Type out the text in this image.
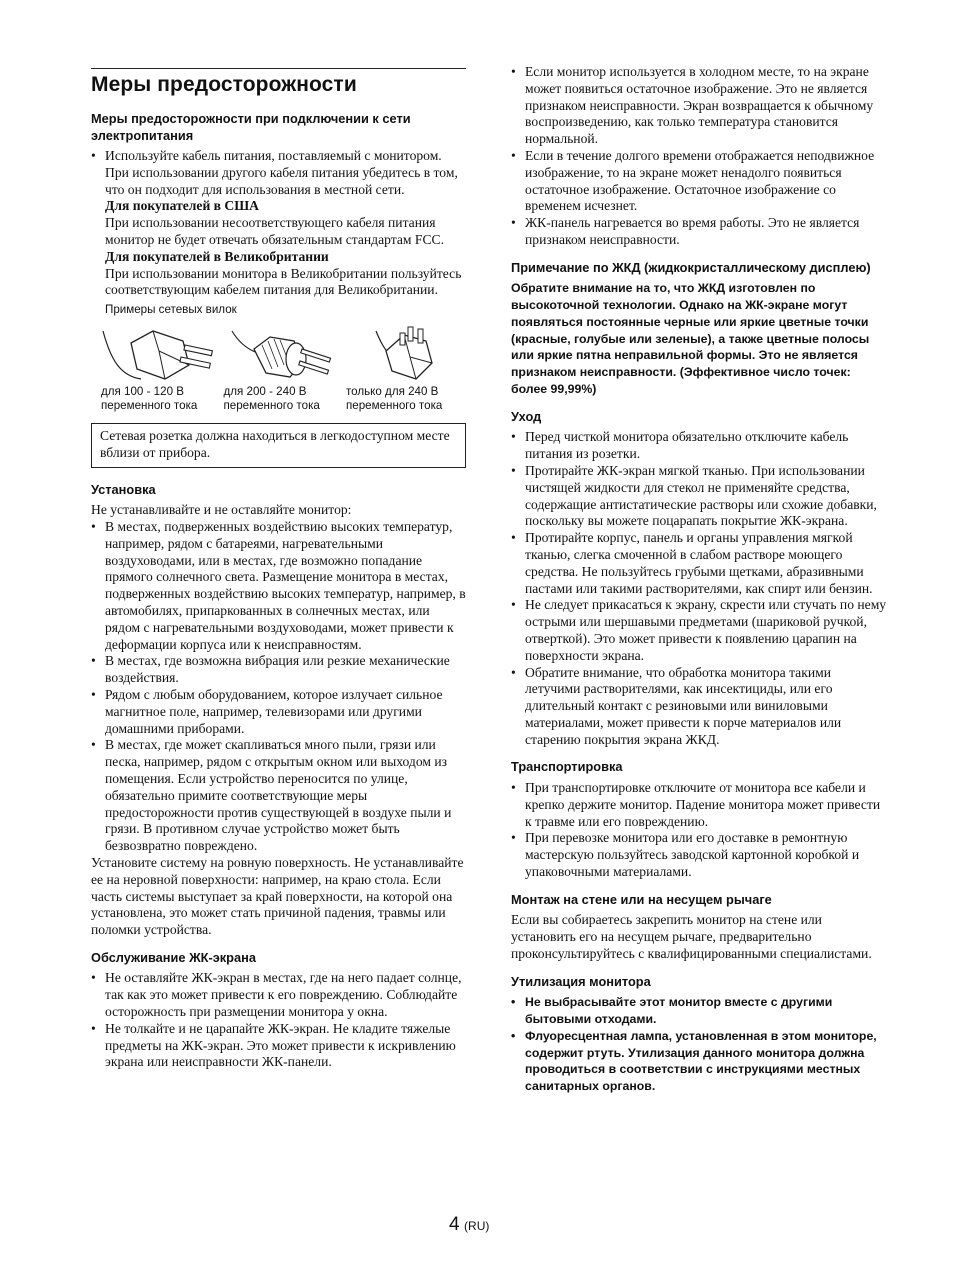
Меры предосторожности
Меры предосторожности при подключении к сети электропитания
• Используйте кабель питания, поставляемый с монитором. При использовании другого кабеля питания убедитесь в том, что он подходит для использования в местной сети.
Для покупателей в США
При использовании несоответствующего кабеля питания монитор не будет отвечать обязательным стандартам FCC.
Для покупателей в Великобритании
При использовании монитора в Великобритании пользуйтесь соответствующим кабелем питания для Великобритании.
Примеры сетевых вилок
для 100 - 120 В
переменного тока
для 200 - 240 В
переменного тока
только для 240 В
переменного тока
Сетевая розетка должна находиться в легкодоступном месте вблизи от прибора.
Установка
Не устанавливайте и не оставляйте монитор:
• В местах, подверженных воздействию высоких температур, например, рядом с батареями, нагревательными воздуховодами, или в местах, где возможно попадание прямого солнечного света. Размещение монитора в местах, подверженных воздействию высоких температур, например, в автомобилях, припаркованных в солнечных местах, или рядом с нагревательными воздуховодами, может привести к деформации корпуса или к неисправностям.
• В местах, где возможна вибрация или резкие механические воздействия.
• Рядом с любым оборудованием, которое излучает сильное магнитное поле, например, телевизорами или другими домашними приборами.
• В местах, где может скапливаться много пыли, грязи или песка, например, рядом с открытым окном или выходом из помещения. Если устройство переносится по улице, обязательно примите соответствующие меры предосторожности против существующей в воздухе пыли и грязи. В противном случае устройство может быть безвозвратно повреждено.
Установите систему на ровную поверхность. Не устанавливайте ее на неровной поверхности: например, на краю стола. Если часть системы выступает за край поверхности, на которой она установлена, это может стать причиной падения, травмы или поломки устройства.
Обслуживание ЖК-экрана
• Не оставляйте ЖК-экран в местах, где на него падает солнце, так как это может привести к его повреждению. Соблюдайте осторожность при размещении монитора у окна.
• Не толкайте и не царапайте ЖК-экран. Не кладите тяжелые предметы на ЖК-экран. Это может привести к искривлению экрана или неисправности ЖК-панели.
• Если монитор используется в холодном месте, то на экране может появиться остаточное изображение. Это не является признаком неисправности. Экран возвращается к обычному воспроизведению, как только температура становится нормальной.
• Если в течение долгого времени отображается неподвижное изображение, то на экране может ненадолго появиться остаточное изображение. Остаточное изображение со временем исчезнет.
• ЖК-панель нагревается во время работы. Это не является признаком неисправности.
Примечание по ЖКД (жидкокристаллическому дисплею)
Обратите внимание на то, что ЖКД изготовлен по высокоточной технологии. Однако на ЖК-экране могут появляться постоянные черные или яркие цветные точки (красные, голубые или зеленые), а также цветные полосы или яркие пятна неправильной формы. Это не является признаком неисправности. (Эффективное число точек: более 99,99%)
Уход
• Перед чисткой монитора обязательно отключите кабель питания из розетки.
• Протирайте ЖК-экран мягкой тканью. При использовании чистящей жидкости для стекол не применяйте средства, содержащие антистатические растворы или схожие добавки, поскольку вы можете поцарапать покрытие ЖК-экрана.
• Протирайте корпус, панель и органы управления мягкой тканью, слегка смоченной в слабом растворе моющего средства. Не пользуйтесь грубыми щетками, абразивными пастами или такими растворителями, как спирт или бензин.
• Не следует прикасаться к экрану, скрести или стучать по нему острыми или шершавыми предметами (шариковой ручкой, отверткой). Это может привести к появлению царапин на поверхности экрана.
• Обратите внимание, что обработка монитора такими летучими растворителями, как инсектициды, или его длительный контакт с резиновыми или виниловыми материалами, может привести к порче материалов или старению покрытия экрана ЖКД.
Транспортировка
• При транспортировке отключите от монитора все кабели и крепко держите монитор. Падение монитора может привести к травме или его повреждению.
• При перевозке монитора или его доставке в ремонтную мастерскую пользуйтесь заводской картонной коробкой и упаковочными материалами.
Монтаж на стене или на несущем рычаге
Если вы собираетесь закрепить монитор на стене или установить его на несущем рычаге, предварительно проконсультируйтесь с квалифицированными специалистами.
Утилизация монитора
• Не выбрасывайте этот монитор вместе с другими бытовыми отходами.
• Флуоресцентная лампа, установленная в этом мониторе, содержит ртуть. Утилизация данного монитора должна проводиться в соответствии с инструкциями местных санитарных органов.
4 (RU)
